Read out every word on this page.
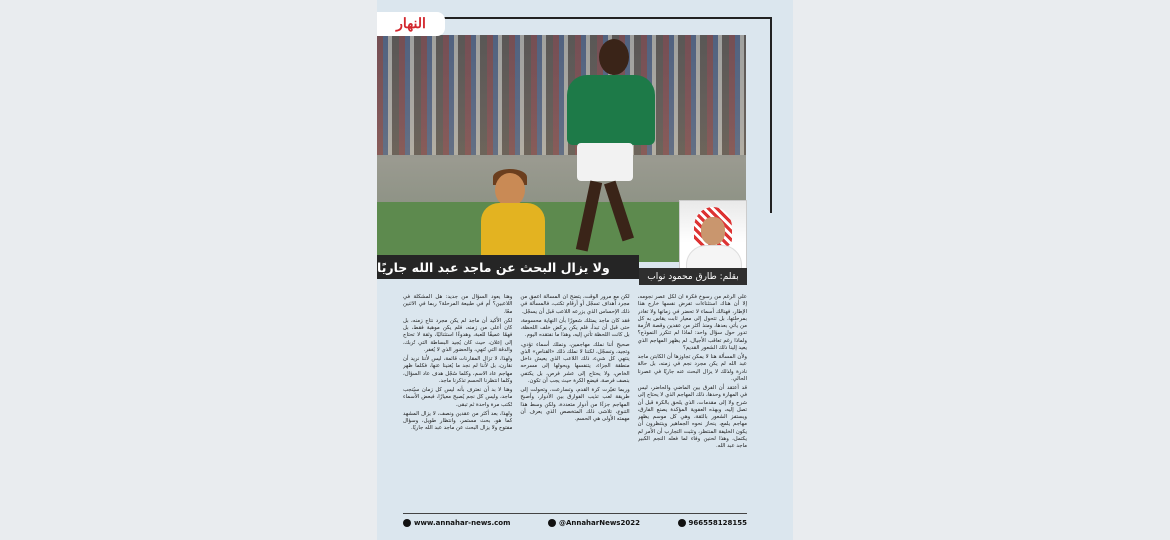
النهار
ولا يزال البحث عن ماجد عبد الله جاريًا
بقلم: طارق محمود نواب

على الرغم من رسوخ فكرة أن لكل عصر نجومه، إلا أن هناك استثناءات تفرض نفسها خارج هذا الإطار، فهنالك أسماء لا تحضر في زمانها ولا تغادر بمرحلتها، بل تتحول إلى معيار ثابت يقاس به كل من يأتي بعدها، ومنذ أكثر من عقدين وقصة الأزمة تدور حول سؤال واحد: لماذا لم تتكرر النموذج؟ ولماذا رغم تعاقب الأجيال، لم يظهر المهاجم الذي يعيد إلينا ذلك الشعور القديم؟

ولأن المسألة هنا لا يمكن تجاوزها أن الكابتن ماجد عبد الله لم يكن مجرد نجم في زمنه، بل حالة نادرة ولذلك لا يزال البحث عنه جاريًا في عصرنا الحالي.

قد أعتقد أن الفرق بين الماضي والحاضر، ليس في المهارة وحدها، ذلك المهاجم الذي لا يحتاج إلى شرح ولا إلى مقدمات، الذي يلحق بالكرة قبل أن تصل إليه، وبهذه العفوية المؤكدة يصنع الفارق، ويستفز الشعور بالثقة، وهي كل موسم يظهر مهاجم يلمع، ينحاز نحوه الجماهير وينتظرون أن يكون الخليفة المنتظر، وتثبت التجارب أن الأمر لم يكتمل، وهذا لحنين وفاء لما فعله النجم الكبير ماجد عبد الله.

لكن مع مرور الوقت، يتضح أن المسألة أعمق من مجرد أهداف تسجّل أو أرقام تكتب، فالمسألة في ذلك الإحساس الذي يزرعه اللاعب قبل أن يسجّل.

فقد كان ماجد يمتلك شعورًا بأن النهاية محسومة، حتى قبل أن تبدأ، فلم يكن يركض خلف اللحظة، بل كانت اللحظة تأتي إليه، وهذا ما نفتقده اليوم.

صحيح أننا نملك مهاجمين، ونملك أسماء تؤدي، وتجيد، وتسجّل، لكننا لا نملك ذلك «القناص» الذي ينتهي كل شيء، ذلك اللاعب الذي يعيش داخل منطقة الجزاء، يتنفسها ويحولها إلى مسرحه الخاص، ولا يحتاج إلى عشر فرص، بل يكتفي بنصف فرصة، فيضع الكرة حيث يجب أن تكون.

وربما تغيّرت كرة القدم، وتسارعت، وتحولت إلى طريقة لعب تذيب الفوارق بين الأدوار، وأصبح المهاجم جزءًا من أدوار متعددة، ولكن وسط هذا التنوع، تلاشى ذلك المتخصص الذي يعرف أن مهمته الأولى هي الحسم.

وهنا يعود السؤال من جديد: هل المشكلة في اللاعبين؟ أم في طبيعة المرحلة؟ ربما في الاثنين معًا.

لكن الأكيد أن ماجد لم يكن مجرد نتاج زمنه، بل كان أعلى من زمنه، فلم يكن موهبة فقط، بل فهمًا عميقًا للعبة، وهدوءًا استثنائيًا، وثقة لا تحتاج إلى إعلان، حيث كان يُجيد البساطة التي تُربك، والدقة التي تُنهي، والحضور الذي لا يُغفر.

ولهذا، لا تزال المقارنات قائمة، ليس لأننا نريد أن نقارن، بل لأننا لم نجد ما يُغنينا عنها، فكلما ظهر مهاجم عاد الاسم، وكلما سُجّل هدف عاد السؤال، وكلما انتظرنا الحسم تذكرنا ماجد.

وهنا لا بد أن نعترف بأنه ليس كل زمان سيُنجب ماجد، وليس كل نجم يُصبح معيارًا، فبعض الأسماء تُكتب مرة واحدة ثم تبقى.

ولهذا، بعد أكثر من عقدين ونصف، لا يزال المشهد كما هو، بحث مستمر، وانتظار طويل، وسؤال مفتوح ولا يزال البحث عن ماجد عبد الله جاريًا.

www.annahar-news.com	@AnnaharNews2022	966558128155
